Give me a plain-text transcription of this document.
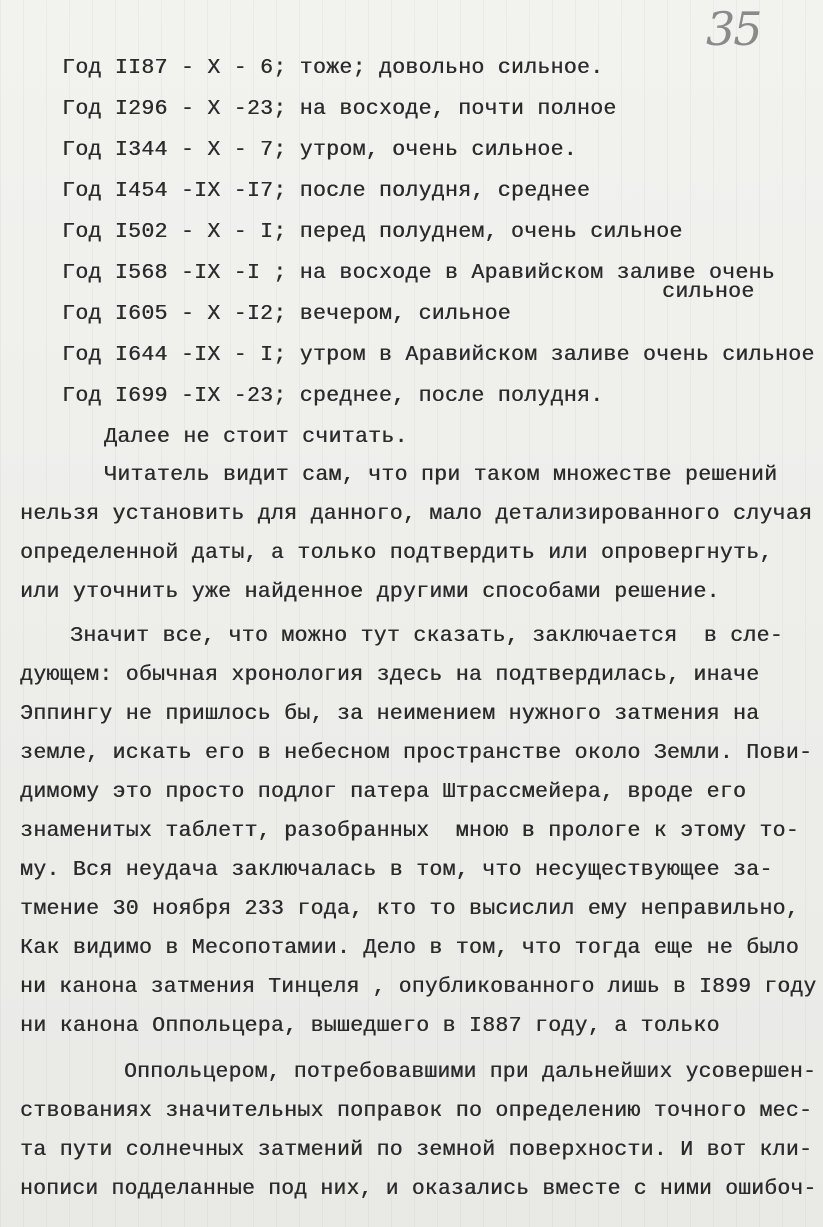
35
Год II87 - X - 6; тоже; довольно сильное.
Год I296 - X -23; на восходе, почти полное
Год I344 - X - 7; утром, очень сильное.
Год I454 -IX -I7; после полудня, среднее
Год I502 - X - I; перед полуднем, очень сильное
Год I568 -IX -I ; на восходе в Аравийском заливе очень
сильное
Год I605 - X -I2; вечером, сильное
Год I644 -IX - I; утром в Аравийском заливе очень сильное
Год I699 -IX -23; среднее, после полудня.
Далее не стоит считать.
Читатель видит сам, что при таком множестве решений
нельзя установить для данного, мало детализированного случая
определенной даты, а только подтвердить или опровергнуть,
или уточнить уже найденное другими способами решение.
Значит все, что можно тут сказать, заключается  в сле-
дующем: обычная хронология здесь на подтвердилась, иначе
Эппингу не пришлось бы, за неимением нужного затмения на
земле, искать его в небесном пространстве около Земли. Пови-
димому это просто подлог патера Штрассмейера, вроде его
знаменитых таблетт, разобранных  мною в прологе к этому то-
му. Вся неудача заключалась в том, что несуществующее за-
тмение 30 ноября 233 года, кто то высислил ему неправильно,
Как видимо в Месопотамии. Дело в том, что тогда еще не было
ни канона затмения Тинцеля , опубликованного лишь в I899 году
ни канона Оппольцера, вышедшего в I887 году, а только
Оппольцером, потребовавшими при дальнейших усовершен-
ствованиях значительных поправок по определению точного мес-
та пути солнечных затмений по земной поверхности. И вот кли-
нописи подделанные под них, и оказались вместе с ними ошибоч-
